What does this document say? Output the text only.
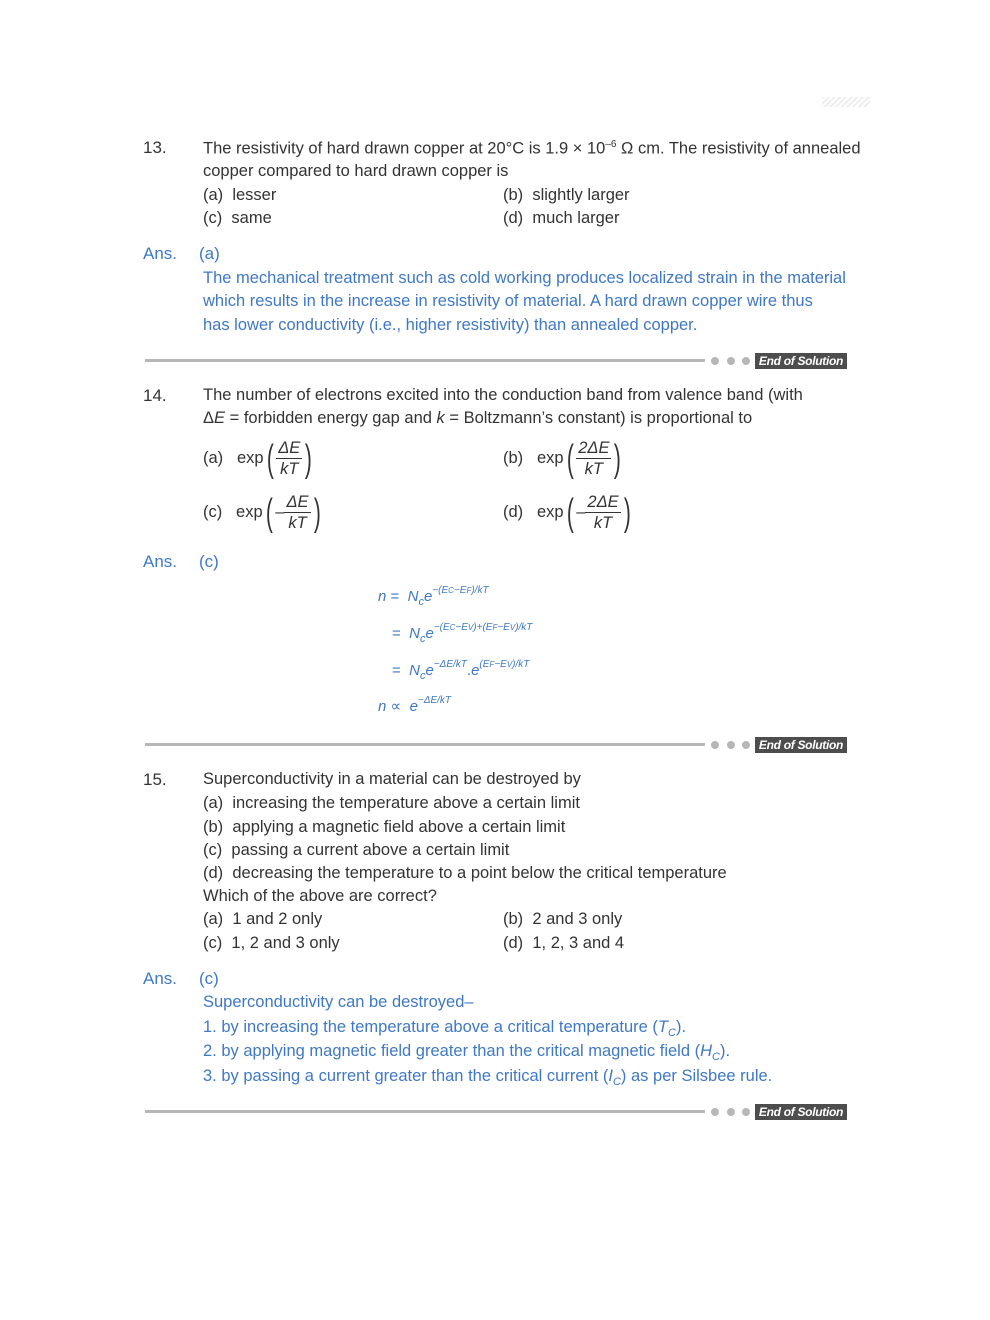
13. The resistivity of hard drawn copper at 20°C is $1.9 \times 10^{-6}$ Ω cm. The resistivity of annealed
copper compared to hard drawn copper is
(a) lesser	(b) slightly larger
(c) same	(d) much larger
Ans. (a)
The mechanical treatment such as cold working produces localized strain in the material
which results in the increase in resistivity of material. A hard drawn copper wire thus
has lower conductivity (i.e., higher resistivity) than annealed copper.
End of Solution
14. The number of electrons excited into the conduction band from valence band (with
ΔE = forbidden energy gap and k = Boltzmann’s constant) is proportional to
(a)
exp ( $\frac{\Delta E}{kT}$ )	(b)
exp ( $\frac{2\Delta E}{kT}$ )
(c)
exp ( – $\frac{\Delta E}{kT}$ )	(d)
exp ( – $\frac{2\Delta E}{kT}$ )
Ans. (c)
$n = N_ce^{-(EC-EF)/kT}$
= $N_ce^{-(EC-EV)+(EF-EV)/kT}$
= $N_ce^{-\Delta E/kT}.e^{(EF-EV)/kT}$
$n \propto e^{-\Delta E/kT}$
End of Solution
15. Superconductivity in a material can be destroyed by
(a) increasing the temperature above a certain limit
(b) applying a magnetic field above a certain limit
(c) passing a current above a certain limit
(d) decreasing the temperature to a point below the critical temperature
Which of the above are correct?
(a) 1 and 2 only	(b) 2 and 3 only
(c) 1, 2 and 3 only	(d) 1, 2, 3 and 4
Ans. (c)
Superconductivity can be destroyed–
1. by increasing the temperature above a critical temperature $(T_C)$.
2. by applying magnetic field greater than the critical magnetic field $(H_C)$.
3. by passing a current greater than the critical current $(I_C)$ as per Silsbee rule.
End of Solution
